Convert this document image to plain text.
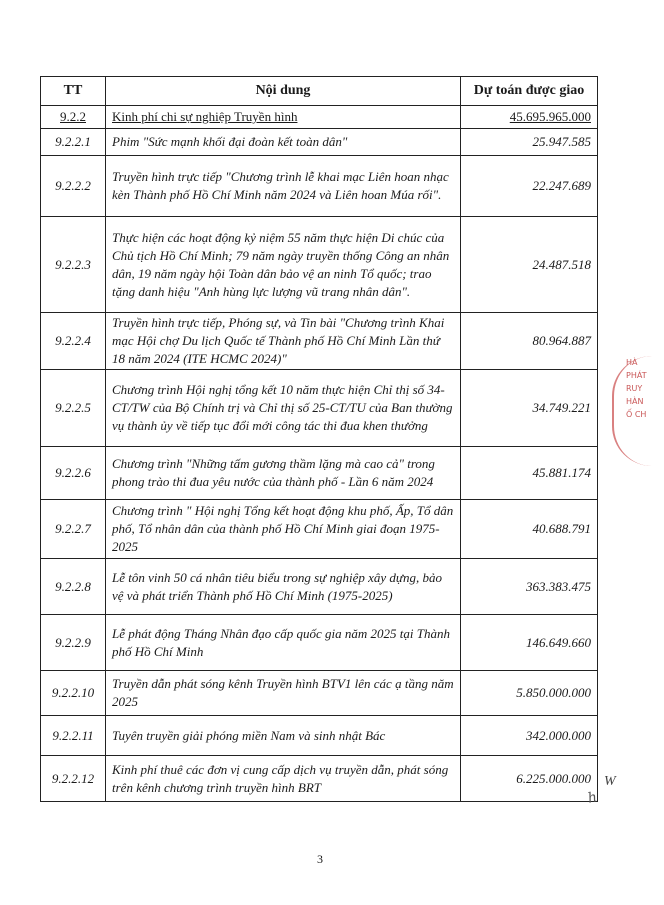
TT	Nội dung	Dự toán được giao
9.2.2	Kinh phí chi sự nghiệp Truyền hình	45.695.965.000
9.2.2.1	Phim "Sức mạnh khối đại đoàn kết toàn dân"	25.947.585
9.2.2.2	Truyền hình trực tiếp "Chương trình lễ khai mạc Liên hoan nhạc kèn Thành phố Hồ Chí Minh năm 2024 và Liên hoan Múa rối".	22.247.689
9.2.2.3	Thực hiện các hoạt động kỷ niệm 55 năm thực hiện Di chúc của Chủ tịch Hồ Chí Minh; 79 năm ngày truyền thống Công an nhân dân, 19 năm ngày hội Toàn dân bảo vệ an ninh Tổ quốc; trao tặng danh hiệu "Anh hùng lực lượng vũ trang nhân dân".	24.487.518
9.2.2.4	Truyền hình trực tiếp, Phóng sự, và Tin bài "Chương trình Khai mạc Hội chợ Du lịch Quốc tế Thành phố Hồ Chí Minh Lần thứ 18 năm 2024 (ITE HCMC 2024)"	80.964.887
9.2.2.5	Chương trình Hội nghị tổng kết 10 năm thực hiện Chỉ thị số 34-CT/TW của Bộ Chính trị và Chỉ thị số 25-CT/TU của Ban thường vụ thành ủy về tiếp tục đổi mới công tác thi đua khen thưởng	34.749.221
9.2.2.6	Chương trình "Những tấm gương thầm lặng mà cao cả" trong phong trào thi đua yêu nước của thành phố - Lần 6 năm 2024	45.881.174
9.2.2.7	Chương trình " Hội nghị Tổng kết hoạt động khu phố, Ấp, Tổ dân phố, Tổ nhân dân của thành phố Hồ Chí Minh giai đoạn 1975-2025	40.688.791
9.2.2.8	Lễ tôn vinh 50 cá nhân tiêu biểu trong sự nghiệp xây dựng, bảo vệ và phát triển Thành phố Hồ Chí Minh (1975-2025)	363.383.475
9.2.2.9	Lễ phát động Tháng Nhân đạo cấp quốc gia năm 2025 tại Thành phố Hồ Chí Minh	146.649.660
9.2.2.10	Truyền dẫn phát sóng kênh Truyền hình BTV1 lên các ạ tầng năm 2025	5.850.000.000
9.2.2.11	Tuyên truyền giải phóng miền Nam và sinh nhật Bác	342.000.000
9.2.2.12	Kinh phí thuê các đơn vị cung cấp dịch vụ truyền dẫn, phát sóng trên kênh chương trình truyền hình BRT	6.225.000.000
HÀ
PHÁT
RUY
HÀN
Ố CH
W
ℎ
3
